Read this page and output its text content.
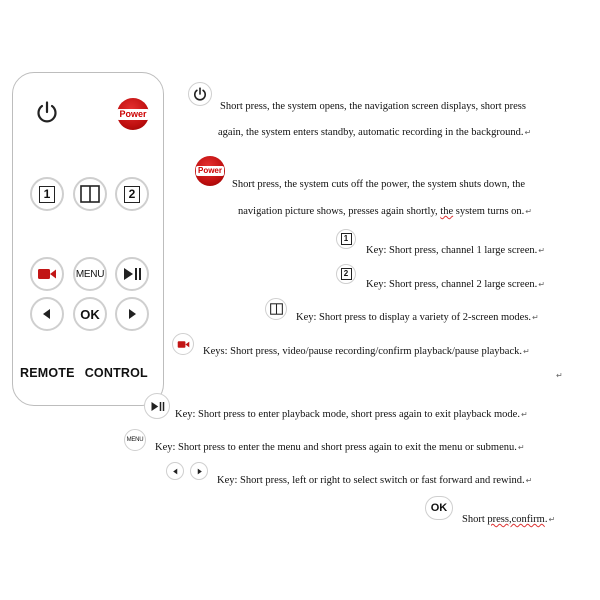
Power
1	2
MENU
OK
REMOTE CONTROL
Short press, the system opens, the navigation screen displays, short press
again, the system enters standby, automatic recording in the background.↵
Power
Short press, the system cuts off the power, the system shuts down, the
navigation picture shows, presses again shortly, the system turns on.↵
1
Key: Short press, channel 1 large screen.↵
2
Key: Short press, channel 2 large screen.↵
Key: Short press to display a variety of 2-screen modes.↵
Keys: Short press, video/pause recording/confirm playback/pause playback.↵
↵
Key: Short press to enter playback mode, short press again to exit playback mode.↵
MENU
Key: Short press to enter the menu and short press again to exit the menu or submenu.↵
Key: Short press, left or right to select switch or fast forward and rewind.↵
OK
Short press,confirm.↵
